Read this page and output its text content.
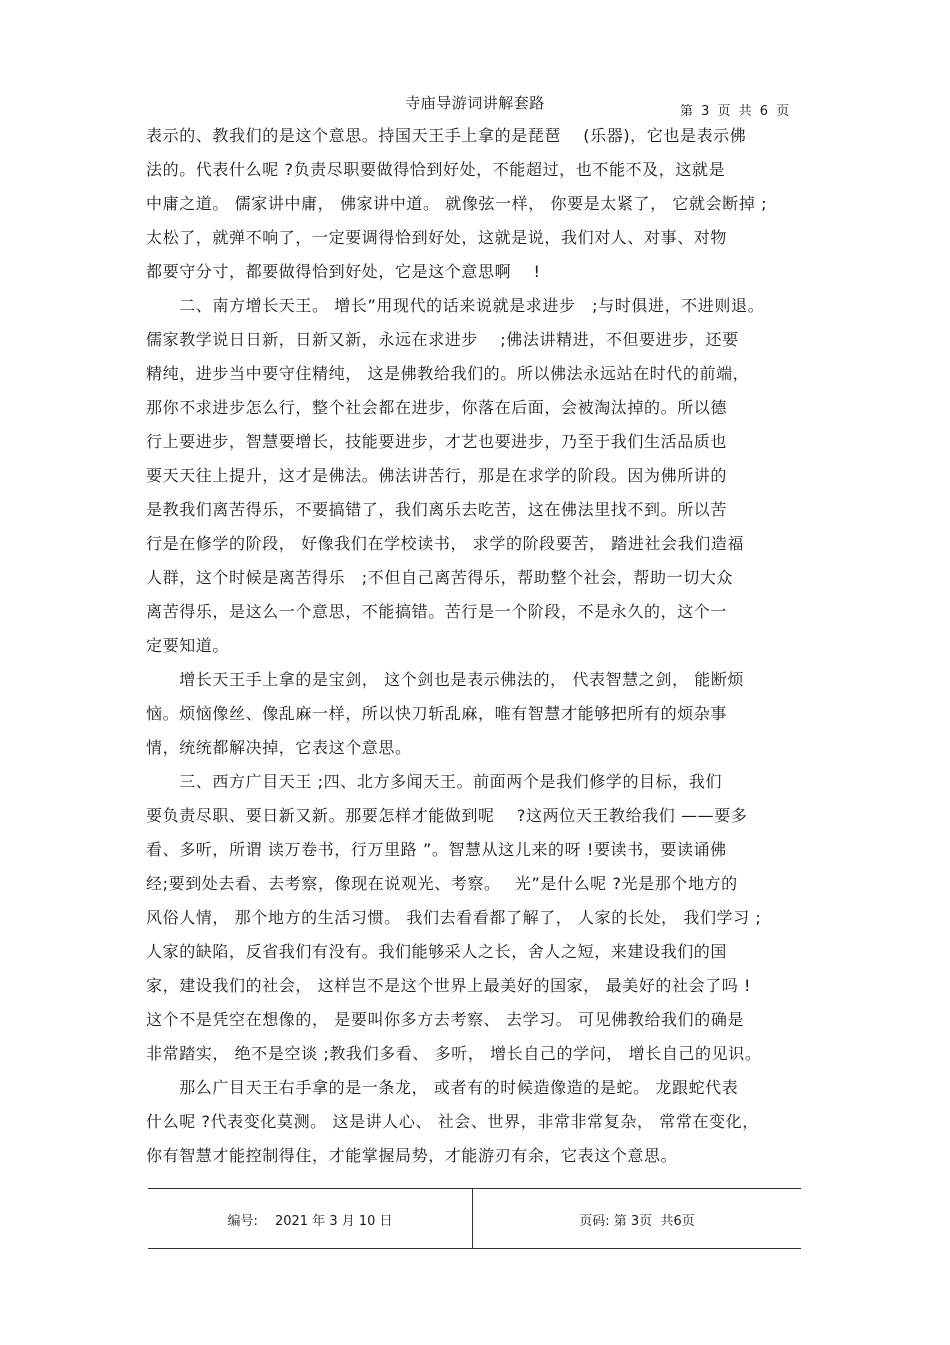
寺庙导游词讲解套路	第 3 页 共 6 页
表示的、教我们的是这个意思。持国天王手上拿的是琵琶　 (乐器)，它也是表示佛
法的。代表什么呢 ?负责尽职要做得恰到好处，不能超过，也不能不及，这就是
中庸之道。 儒家讲中庸， 佛家讲中道。 就像弦一样， 你要是太紧了， 它就会断掉 ;
太松了，就弹不响了，一定要调得恰到好处，这就是说，我们对人、对事、对物
都要守分寸，都要做得恰到好处，它是这个意思啊　 !
　　二、南方增长天王。 增长”用现代的话来说就是求进步　;与时俱进，不进则退。
儒家教学说日日新，日新又新，永远在求进步　 ;佛法讲精进，不但要进步，还要
精纯，进步当中要守住精纯， 这是佛教给我们的。所以佛法永远站在时代的前端，
那你不求进步怎么行，整个社会都在进步，你落在后面，会被淘汰掉的。所以德
行上要进步，智慧要增长，技能要进步，才艺也要进步，乃至于我们生活品质也
要天天往上提升，这才是佛法。佛法讲苦行，那是在求学的阶段。因为佛所讲的
是教我们离苦得乐，不要搞错了，我们离乐去吃苦，这在佛法里找不到。所以苦
行是在修学的阶段， 好像我们在学校读书， 求学的阶段要苦， 踏进社会我们造福
人群，这个时候是离苦得乐　;不但自己离苦得乐，帮助整个社会，帮助一切大众
离苦得乐，是这么一个意思，不能搞错。苦行是一个阶段，不是永久的，这个一
定要知道。
　　增长天王手上拿的是宝剑， 这个剑也是表示佛法的， 代表智慧之剑， 能断烦
恼。烦恼像丝、像乱麻一样，所以快刀斩乱麻，唯有智慧才能够把所有的烦杂事
情，统统都解决掉，它表这个意思。
　　三、西方广目天王 ;四、北方多闻天王。前面两个是我们修学的目标，我们
要负责尽职、要日新又新。那要怎样才能做到呢　 ?这两位天王教给我们 ——要多
看、多听，所谓 读万卷书，行万里路 ”。智慧从这儿来的呀 !要读书，要读诵佛
经;要到处去看、去考察，像现在说观光、考察。　 光”是什么呢 ?光是那个地方的
风俗人情， 那个地方的生活习惯。 我们去看看都了解了， 人家的长处， 我们学习 ;
人家的缺陷，反省我们有没有。我们能够采人之长，舍人之短，来建设我们的国
家，建设我们的社会， 这样岂不是这个世界上最美好的国家， 最美好的社会了吗 !
这个不是凭空在想像的， 是要叫你多方去考察、 去学习。 可见佛教给我们的确是
非常踏实， 绝不是空谈 ;教我们多看、 多听， 增长自己的学问， 增长自己的见识。
　　那么广目天王右手拿的是一条龙， 或者有的时候造像造的是蛇。 龙跟蛇代表
什么呢 ?代表变化莫测。 这是讲人心、 社会、世界，非常非常复杂， 常常在变化，
你有智慧才能控制得住，才能掌握局势，才能游刃有余，它表这个意思。
编号:　 2021 年 3 月 10 日	页码: 第 3页  共6页
